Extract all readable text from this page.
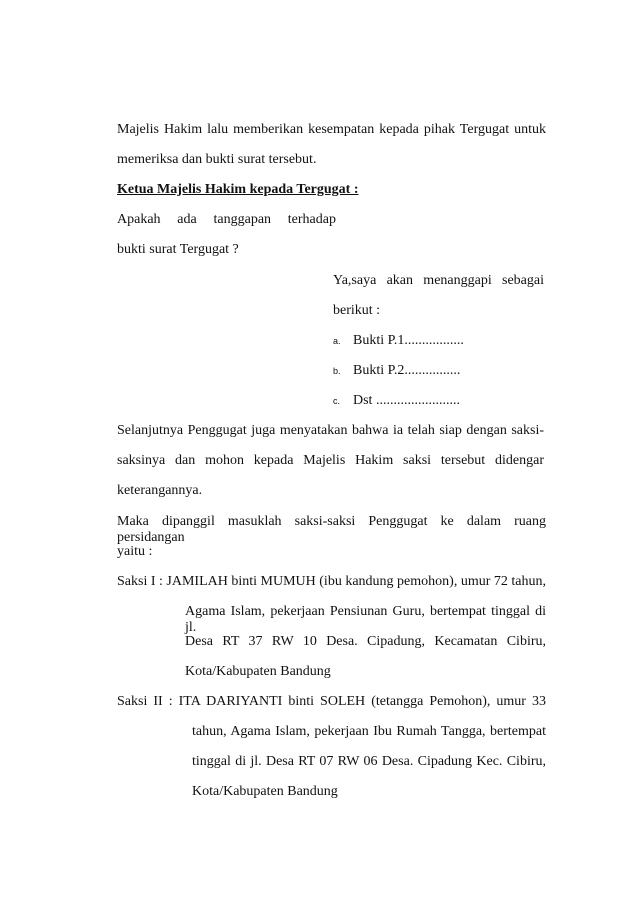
Majelis Hakim lalu memberikan kesempatan kepada pihak Tergugat untuk
memeriksa dan bukti surat tersebut.
Ketua Majelis Hakim kepada Tergugat :
Apakah ada tanggapan terhadap
bukti surat Tergugat ?
Ya,saya akan menanggapi sebagai
berikut :
a. Bukti P.1.................
b. Bukti P.2................
c. Dst ........................
Selanjutnya Penggugat juga menyatakan bahwa ia telah siap dengan saksi-
saksinya dan mohon kepada Majelis Hakim saksi tersebut didengar
keterangannya.
Maka dipanggil masuklah saksi-saksi Penggugat ke dalam ruang persidangan
yaitu :
Saksi I : JAMILAH binti MUMUH (ibu kandung pemohon), umur 72 tahun,
Agama Islam, pekerjaan Pensiunan Guru, bertempat tinggal di jl.
Desa RT 37 RW 10 Desa. Cipadung, Kecamatan Cibiru,
Kota/Kabupaten Bandung
Saksi II : ITA DARIYANTI binti SOLEH (tetangga Pemohon), umur 33
tahun, Agama Islam, pekerjaan Ibu Rumah Tangga, bertempat
tinggal di jl. Desa RT 07 RW 06 Desa. Cipadung Kec. Cibiru,
Kota/Kabupaten Bandung
